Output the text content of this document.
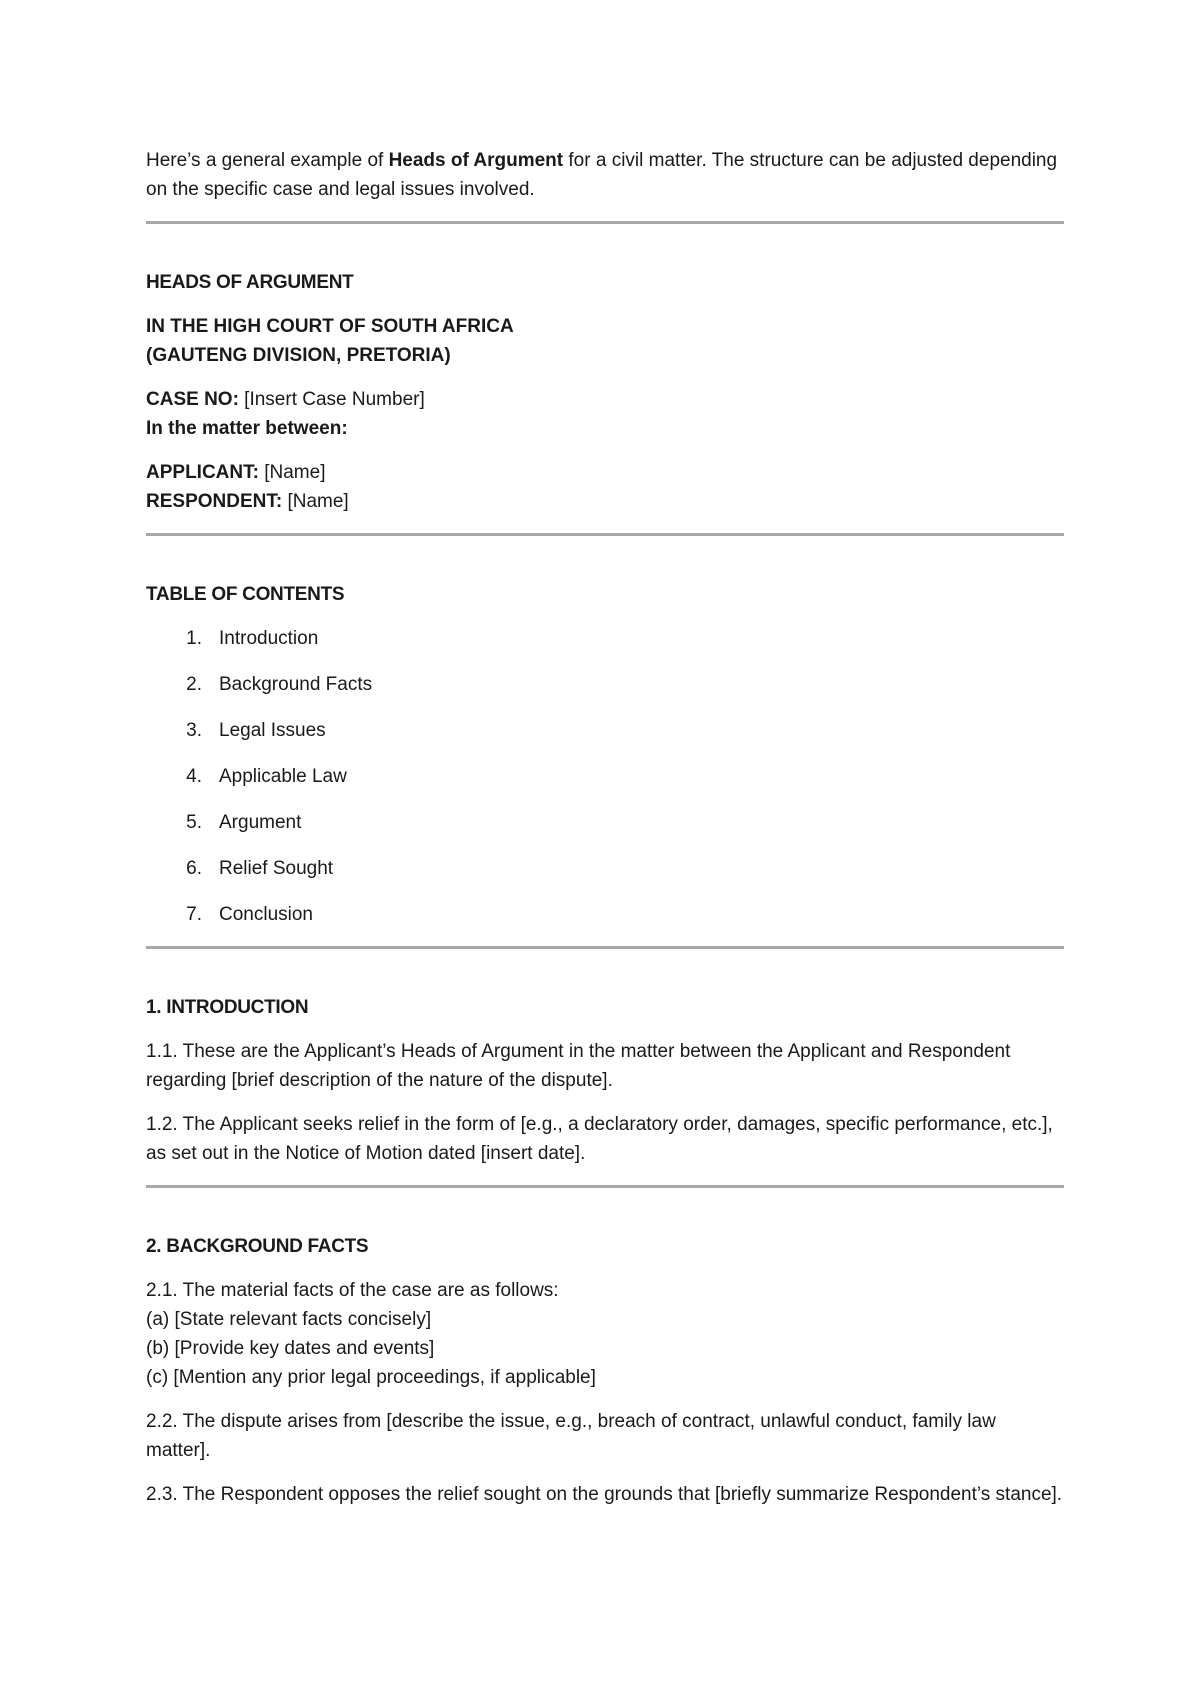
Here’s a general example of Heads of Argument for a civil matter. The structure can be adjusted depending on the specific case and legal issues involved.

HEADS OF ARGUMENT

IN THE HIGH COURT OF SOUTH AFRICA

(GAUTENG DIVISION, PRETORIA)

CASE NO: [Insert Case Number]

In the matter between:

APPLICANT: [Name]

RESPONDENT: [Name]

TABLE OF CONTENTS

1. Introduction
2. Background Facts
3. Legal Issues
4. Applicable Law
5. Argument
6. Relief Sought
7. Conclusion

1. INTRODUCTION

1.1. These are the Applicant’s Heads of Argument in the matter between the Applicant and Respondent regarding [brief description of the nature of the dispute].

1.2. The Applicant seeks relief in the form of [e.g., a declaratory order, damages, specific performance, etc.], as set out in the Notice of Motion dated [insert date].

2. BACKGROUND FACTS

2.1. The material facts of the case are as follows:
(a) [State relevant facts concisely]
(b) [Provide key dates and events]
(c) [Mention any prior legal proceedings, if applicable]

2.2. The dispute arises from [describe the issue, e.g., breach of contract, unlawful conduct, family law matter].

2.3. The Respondent opposes the relief sought on the grounds that [briefly summarize Respondent’s stance].
